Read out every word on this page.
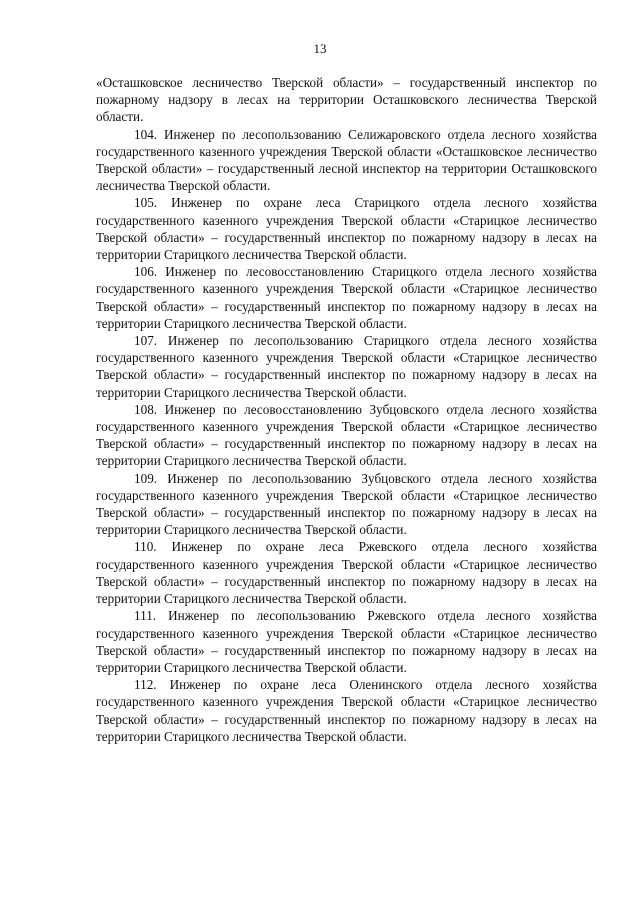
13

«Осташковское лесничество Тверской области» – государственный инспектор по пожарному надзору в лесах на территории Осташковского лесничества Тверской области.

104. Инженер по лесопользованию Селижаровского отдела лесного хозяйства государственного казенного учреждения Тверской области «Осташковское лесничество Тверской области» – государственный лесной инспектор на территории Осташковского лесничества Тверской области.

105. Инженер по охране леса Старицкого отдела лесного хозяйства государственного казенного учреждения Тверской области «Старицкое лесничество Тверской области» – государственный инспектор по пожарному надзору в лесах на территории Старицкого лесничества Тверской области.

106. Инженер по лесовосстановлению Старицкого отдела лесного хозяйства государственного казенного учреждения Тверской области «Старицкое лесничество Тверской области» – государственный инспектор по пожарному надзору в лесах на территории Старицкого лесничества Тверской области.

107. Инженер по лесопользованию Старицкого отдела лесного хозяйства государственного казенного учреждения Тверской области «Старицкое лесничество Тверской области» – государственный инспектор по пожарному надзору в лесах на территории Старицкого лесничества Тверской области.

108. Инженер по лесовосстановлению Зубцовского отдела лесного хозяйства государственного казенного учреждения Тверской области «Старицкое лесничество Тверской области» – государственный инспектор по пожарному надзору в лесах на территории Старицкого лесничества Тверской области.

109. Инженер по лесопользованию Зубцовского отдела лесного хозяйства государственного казенного учреждения Тверской области «Старицкое лесничество Тверской области» – государственный инспектор по пожарному надзору в лесах на территории Старицкого лесничества Тверской области.

110. Инженер по охране леса Ржевского отдела лесного хозяйства государственного казенного учреждения Тверской области «Старицкое лесничество Тверской области» – государственный инспектор по пожарному надзору в лесах на территории Старицкого лесничества Тверской области.

111. Инженер по лесопользованию Ржевского отдела лесного хозяйства государственного казенного учреждения Тверской области «Старицкое лесничество Тверской области» – государственный инспектор по пожарному надзору в лесах на территории Старицкого лесничества Тверской области.

112. Инженер по охране леса Оленинского отдела лесного хозяйства государственного казенного учреждения Тверской области «Старицкое лесничество Тверской области» – государственный инспектор по пожарному надзору в лесах на территории Старицкого лесничества Тверской области.
